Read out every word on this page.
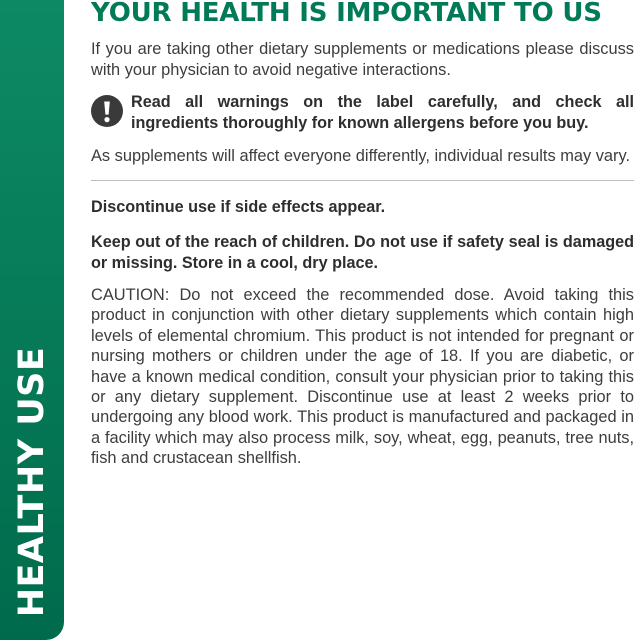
HEALTHY USE
YOUR HEALTH IS IMPORTANT TO US

If you are taking other dietary supplements or medications please discuss with your physician to avoid negative interactions.

Read all warnings on the label carefully, and check all ingredients thoroughly for known allergens before you buy.

As supplements will affect everyone differently, individual results may vary.

Discontinue use if side effects appear.

Keep out of the reach of children. Do not use if safety seal is damaged or missing. Store in a cool, dry place.

CAUTION: Do not exceed the recommended dose. Avoid taking this product in conjunction with other dietary supplements which contain high levels of elemental chromium. This product is not intended for pregnant or nursing mothers or children under the age of 18. If you are diabetic, or have a known medical condition, consult your physician prior to taking this or any dietary supplement. Discontinue use at least 2 weeks prior to undergoing any blood work. This product is manufactured and packaged in a facility which may also process milk, soy, wheat, egg, peanuts, tree nuts, fish and crustacean shellfish.
